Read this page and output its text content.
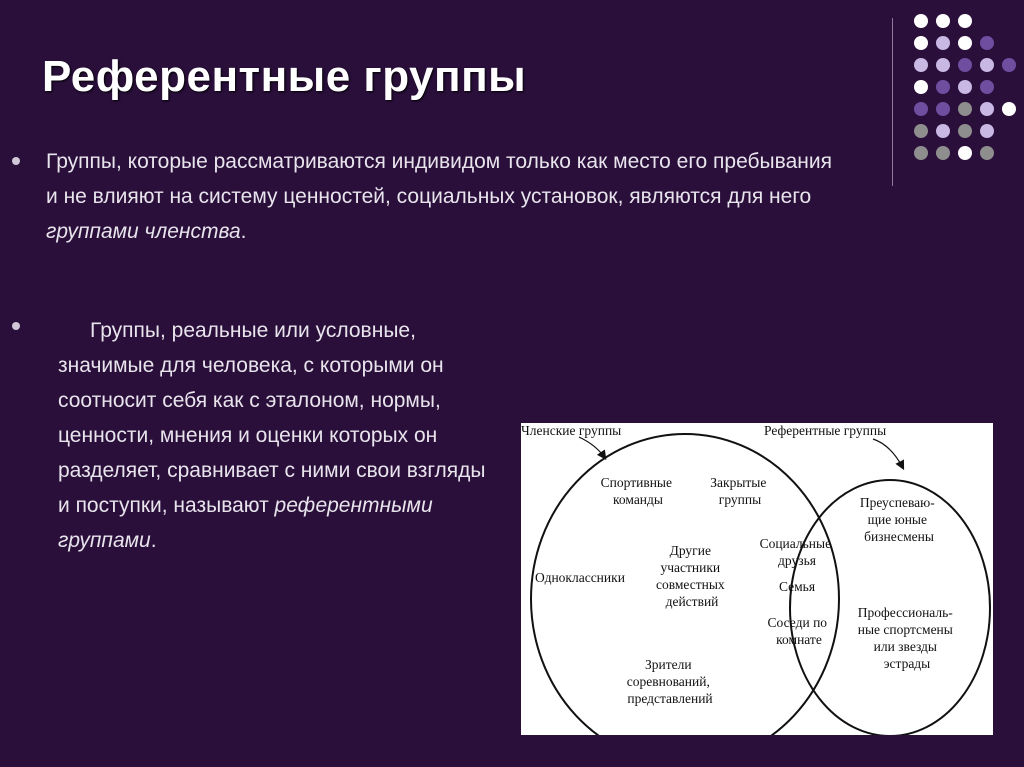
Референтные группы
Группы, которые рассматриваются индивидом только как место его пребывания и не влияют на систему ценностей, социальных установок, являются для него группами членства.
Группы, реальные или условные, значимые для человека, с которыми он соотносит себя как с эталоном, нормы, ценности, мнения и оценки которых он разделяет, сравнивает с ними свои взгляды и поступки, называют референтными группами.
Членские группы	Референтные группы
Спортивные команды
Закрытые группы
Одноклассники
Другие участники совместных действий
Зрители соревнований, представлений
Социальные друзья
Семья
Соседи по комнате
Преуспеваю- щие юные бизнесмены
Профессиональ- ные спортсмены или звезды эстрады
